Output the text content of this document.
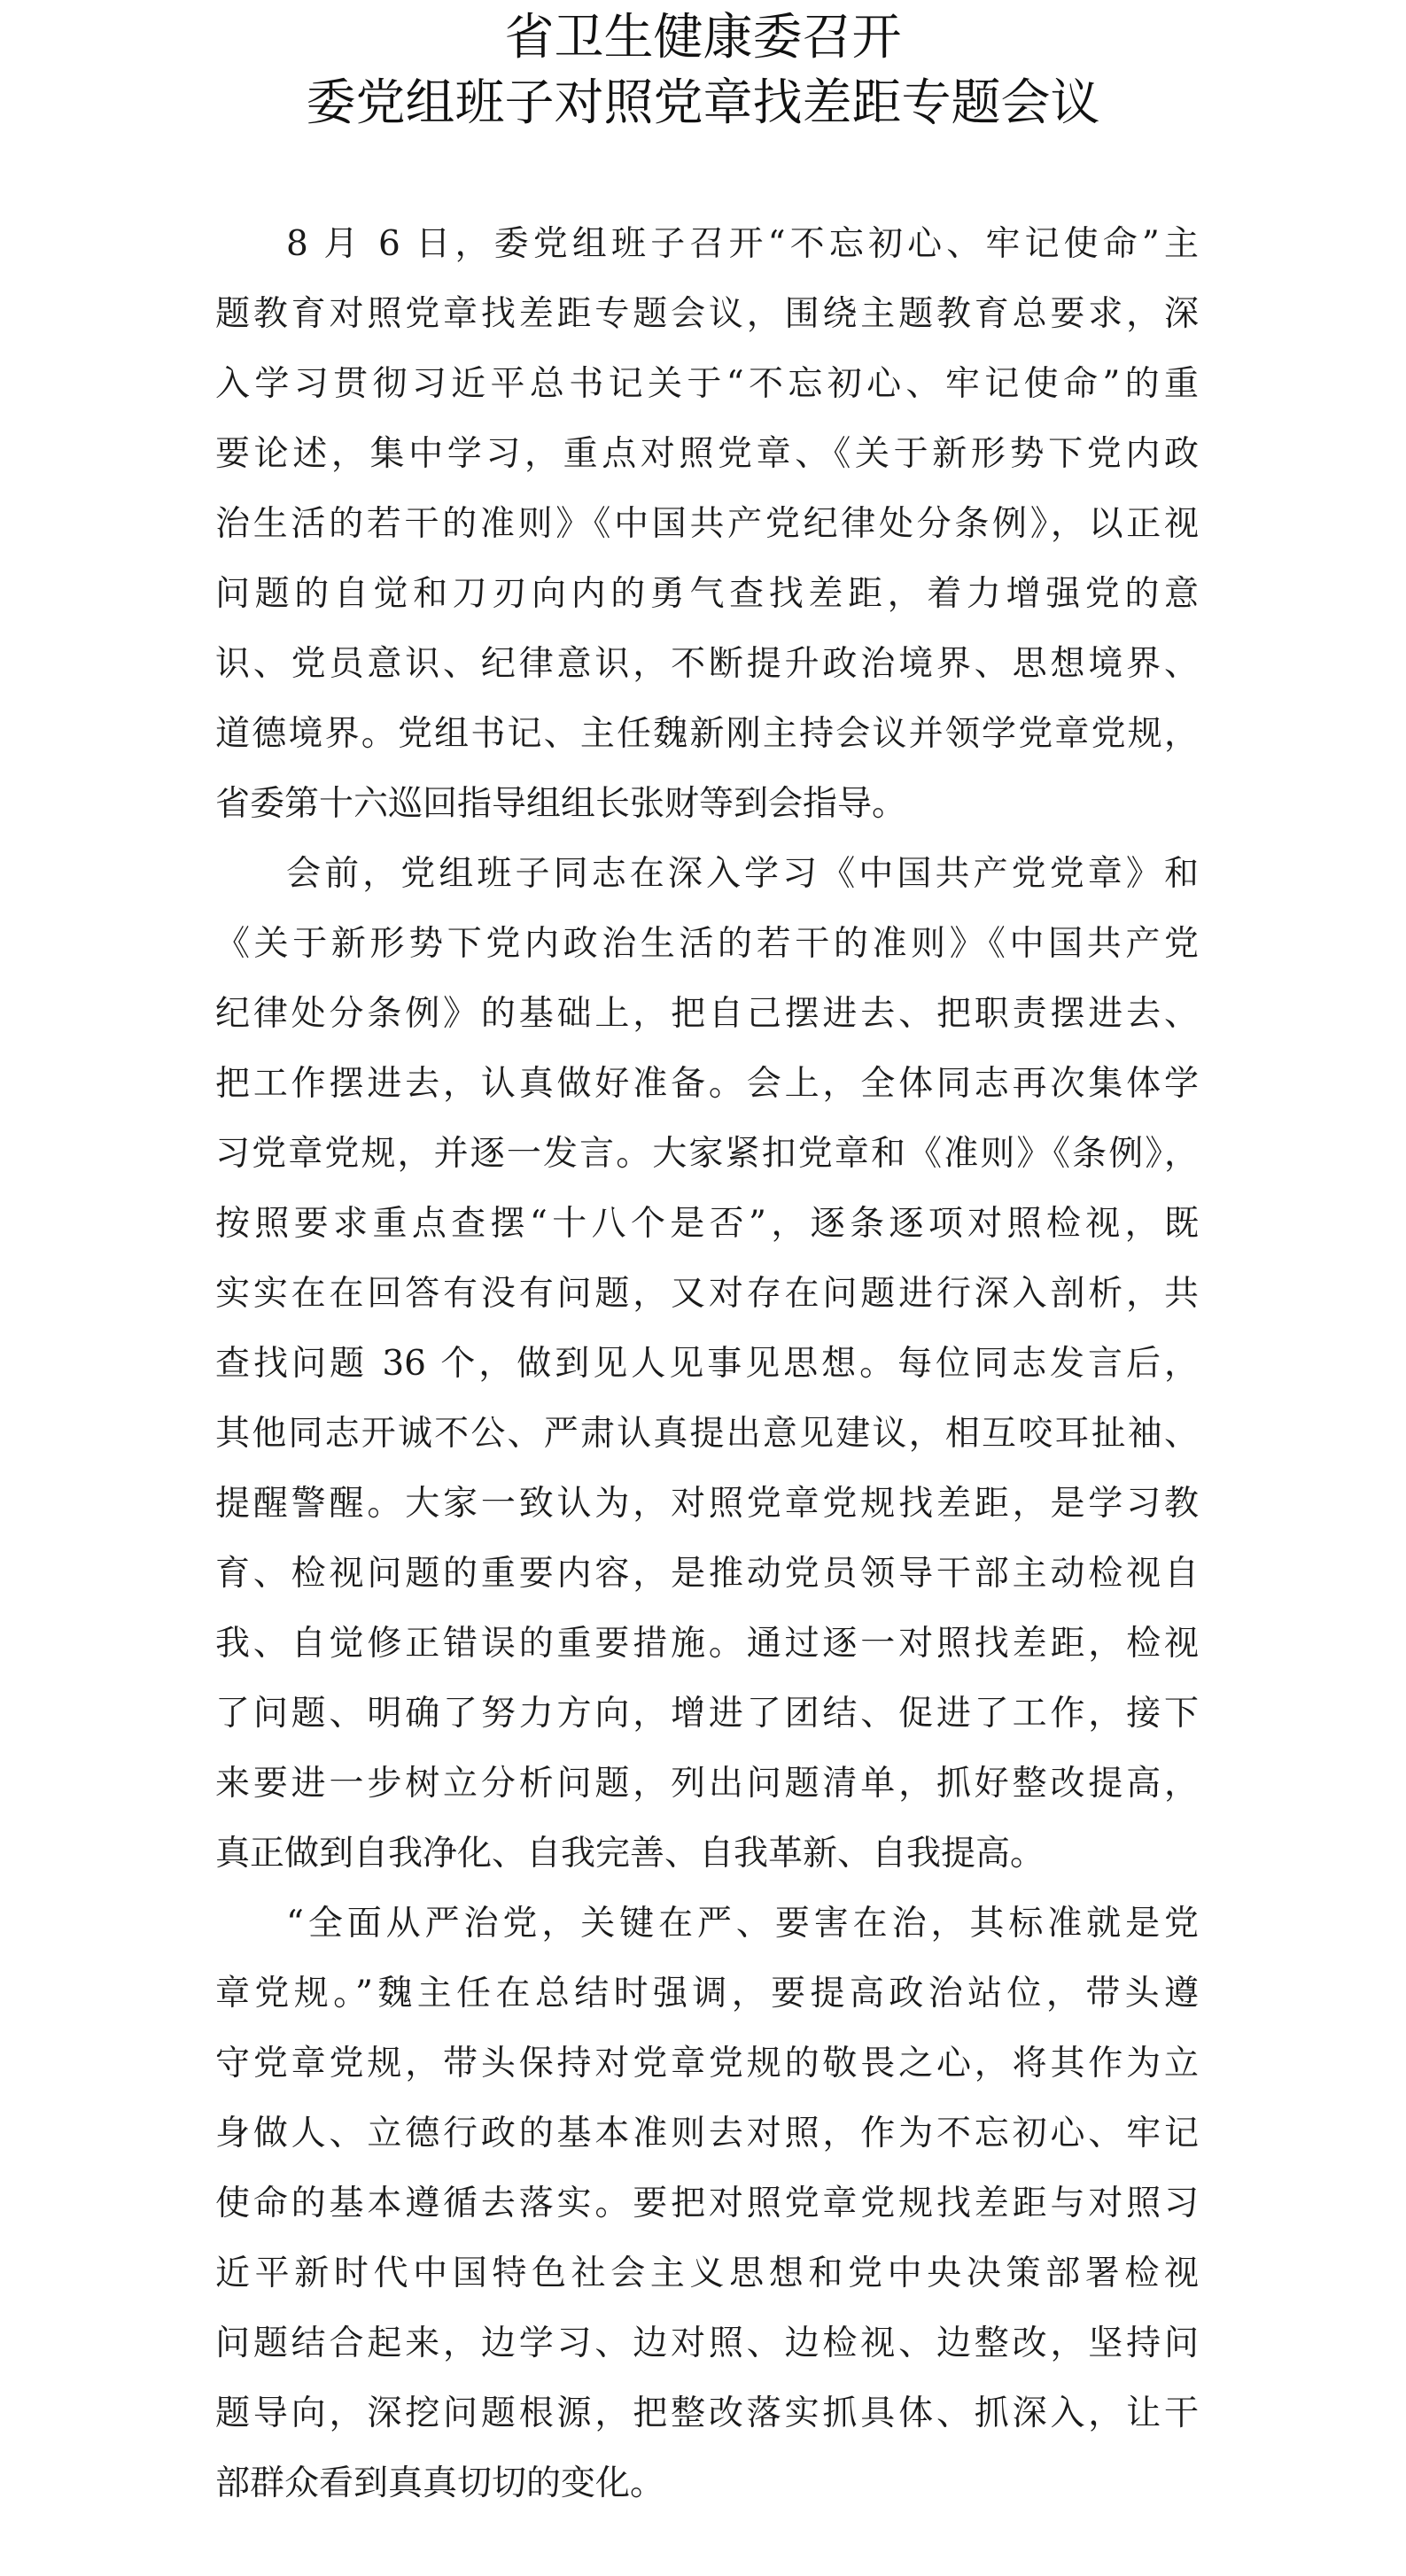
省卫生健康委召开
委党组班子对照党章找差距专题会议
8 月 6 日，委党组班子召开“不忘初心、牢记使命”主
题教育对照党章找差距专题会议，围绕主题教育总要求，深
入学习贯彻习近平总书记关于“不忘初心、牢记使命”的重
要论述，集中学习，重点对照党章、《关于新形势下党内政
治生活的若干的准则》《中国共产党纪律处分条例》，以正视
问题的自觉和刀刃向内的勇气查找差距，着力增强党的意
识、党员意识、纪律意识，不断提升政治境界、思想境界、
道德境界。党组书记、主任魏新刚主持会议并领学党章党规，
省委第十六巡回指导组组长张财等到会指导。
会前，党组班子同志在深入学习《中国共产党党章》和
《关于新形势下党内政治生活的若干的准则》《中国共产党
纪律处分条例》的基础上，把自己摆进去、把职责摆进去、
把工作摆进去，认真做好准备。会上，全体同志再次集体学
习党章党规，并逐一发言。大家紧扣党章和《准则》《条例》，
按照要求重点查摆“十八个是否”，逐条逐项对照检视，既
实实在在回答有没有问题，又对存在问题进行深入剖析，共
查找问题 36 个，做到见人见事见思想。每位同志发言后，
其他同志开诚不公、严肃认真提出意见建议，相互咬耳扯袖、
提醒警醒。大家一致认为，对照党章党规找差距，是学习教
育、检视问题的重要内容，是推动党员领导干部主动检视自
我、自觉修正错误的重要措施。通过逐一对照找差距，检视
了问题、明确了努力方向，增进了团结、促进了工作，接下
来要进一步树立分析问题，列出问题清单，抓好整改提高，
真正做到自我净化、自我完善、自我革新、自我提高。
“全面从严治党，关键在严、要害在治，其标准就是党
章党规。”魏主任在总结时强调，要提高政治站位，带头遵
守党章党规，带头保持对党章党规的敬畏之心，将其作为立
身做人、立德行政的基本准则去对照，作为不忘初心、牢记
使命的基本遵循去落实。要把对照党章党规找差距与对照习
近平新时代中国特色社会主义思想和党中央决策部署检视
问题结合起来，边学习、边对照、边检视、边整改，坚持问
题导向，深挖问题根源，把整改落实抓具体、抓深入，让干
部群众看到真真切切的变化。
